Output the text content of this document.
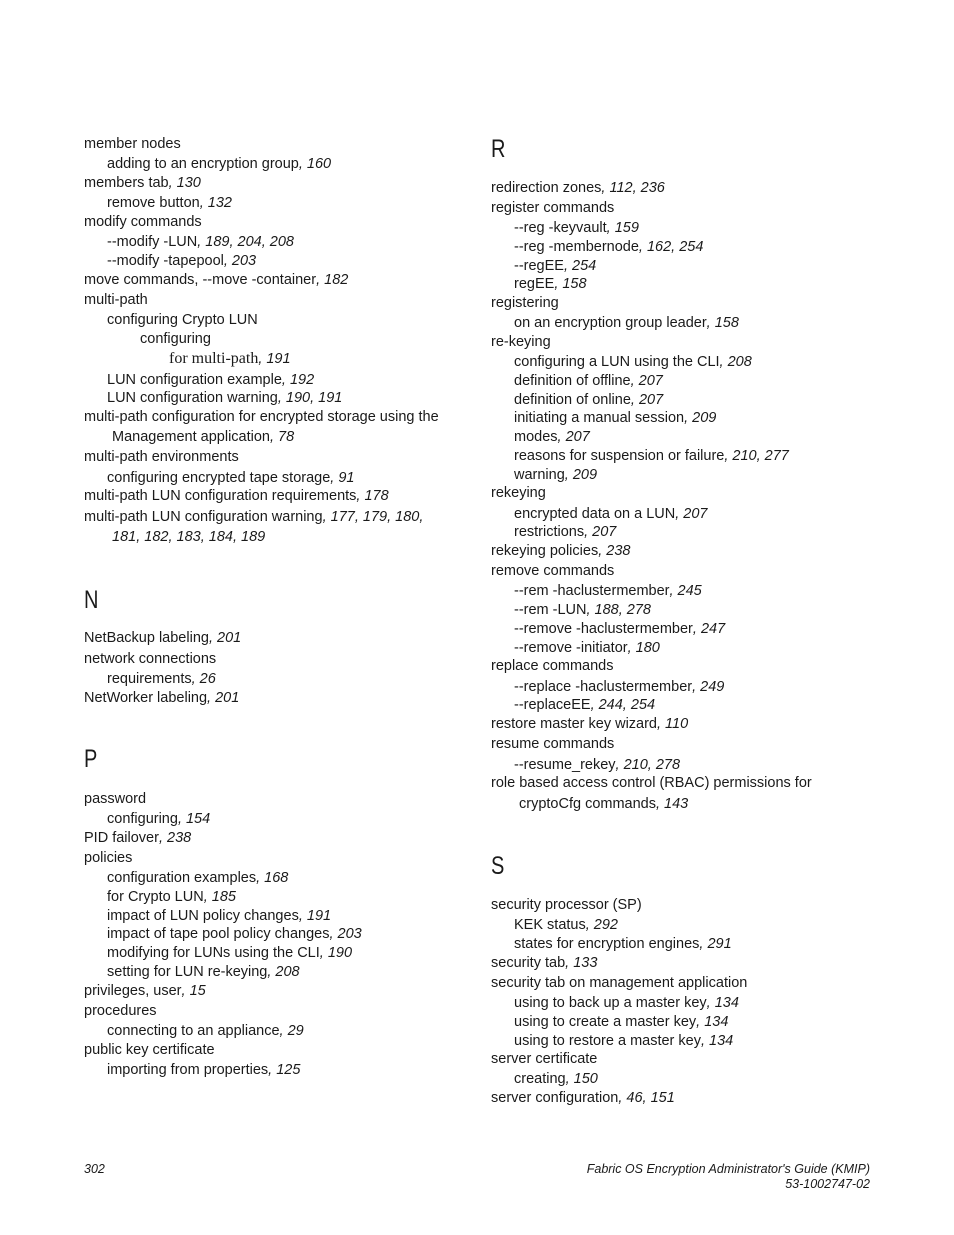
member nodes
adding to an encryption group, 160
members tab, 130
remove button, 132
modify commands
--modify -LUN, 189, 204, 208
--modify -tapepool, 203
move commands, --move -container, 182
multi-path
configuring Crypto LUN
configuring
for multi-path, 191
LUN configuration example, 192
LUN configuration warning, 190, 191
multi-path configuration for encrypted storage using the
Management application, 78
multi-path environments
configuring encrypted tape storage, 91
multi-path LUN configuration requirements, 178
multi-path LUN configuration warning, 177, 179, 180,
181, 182, 183, 184, 189
N
NetBackup labeling, 201
network connections
requirements, 26
NetWorker labeling, 201
P
password
configuring, 154
PID failover, 238
policies
configuration examples, 168
for Crypto LUN, 185
impact of LUN policy changes, 191
impact of tape pool policy changes, 203
modifying for LUNs using the CLI, 190
setting for LUN re-keying, 208
privileges, user, 15
procedures
connecting to an appliance, 29
public key certificate
importing from properties, 125
R
redirection zones, 112, 236
register commands
--reg -keyvault, 159
--reg -membernode, 162, 254
--regEE, 254
regEE, 158
registering
on an encryption group leader, 158
re-keying
configuring a LUN using the CLI, 208
definition of offline, 207
definition of online, 207
initiating a manual session, 209
modes, 207
reasons for suspension or failure, 210, 277
warning, 209
rekeying
encrypted data on a LUN, 207
restrictions, 207
rekeying policies, 238
remove commands
--rem -haclustermember, 245
--rem -LUN, 188, 278
--remove -haclustermember, 247
--remove -initiator, 180
replace commands
--replace -haclustermember, 249
--replaceEE, 244, 254
restore master key wizard, 110
resume commands
--resume_rekey, 210, 278
role based access control (RBAC) permissions for
cryptoCfg commands, 143
S
security processor (SP)
KEK status, 292
states for encryption engines, 291
security tab, 133
security tab on management application
using to back up a master key, 134
using to create a master key, 134
using to restore a master key, 134
server certificate
creating, 150
server configuration, 46, 151
302	Fabric OS Encryption Administrator's Guide (KMIP)
53-1002747-02
